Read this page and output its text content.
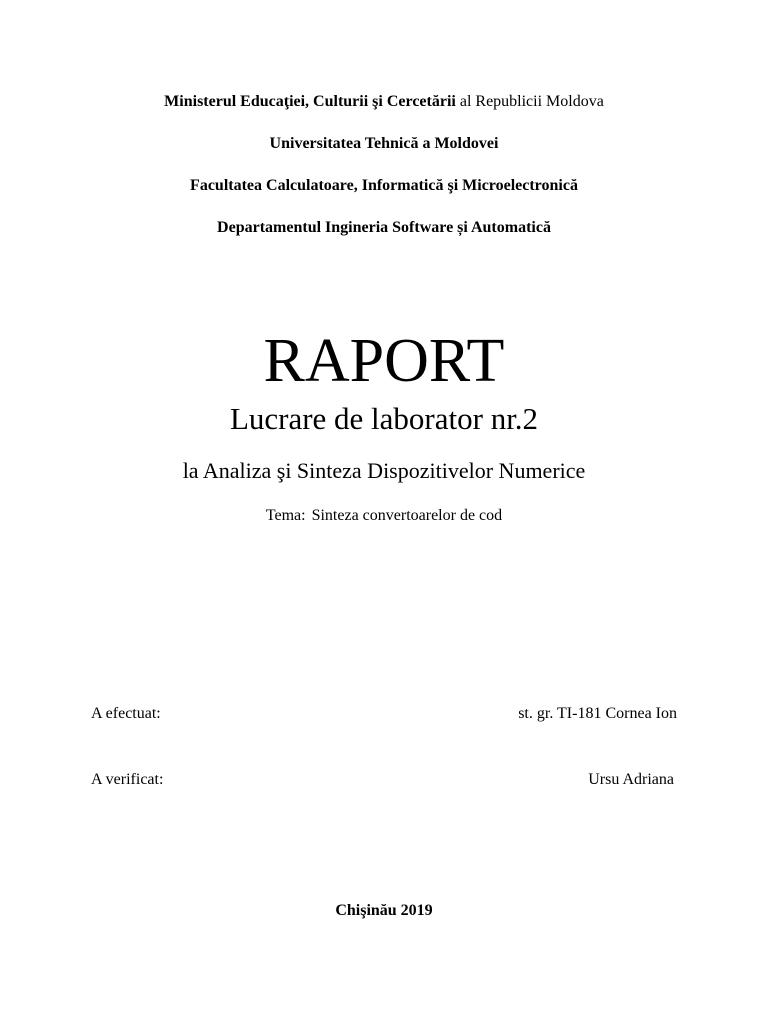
Ministerul Educaţiei, Culturii şi Cercetării al Republicii Moldova
Universitatea Tehnică a Moldovei
Facultatea Calculatoare, Informatică şi Microelectronică
Departamentul Ingineria Software și Automatică
RAPORT
Lucrare de laborator nr.2
la Analiza şi Sinteza Dispozitivelor Numerice
Tema: Sinteza convertoarelor de cod
A efectuat:	st. gr. TI-181 Cornea Ion
A verificat:	Ursu Adriana
Chişinău 2019
